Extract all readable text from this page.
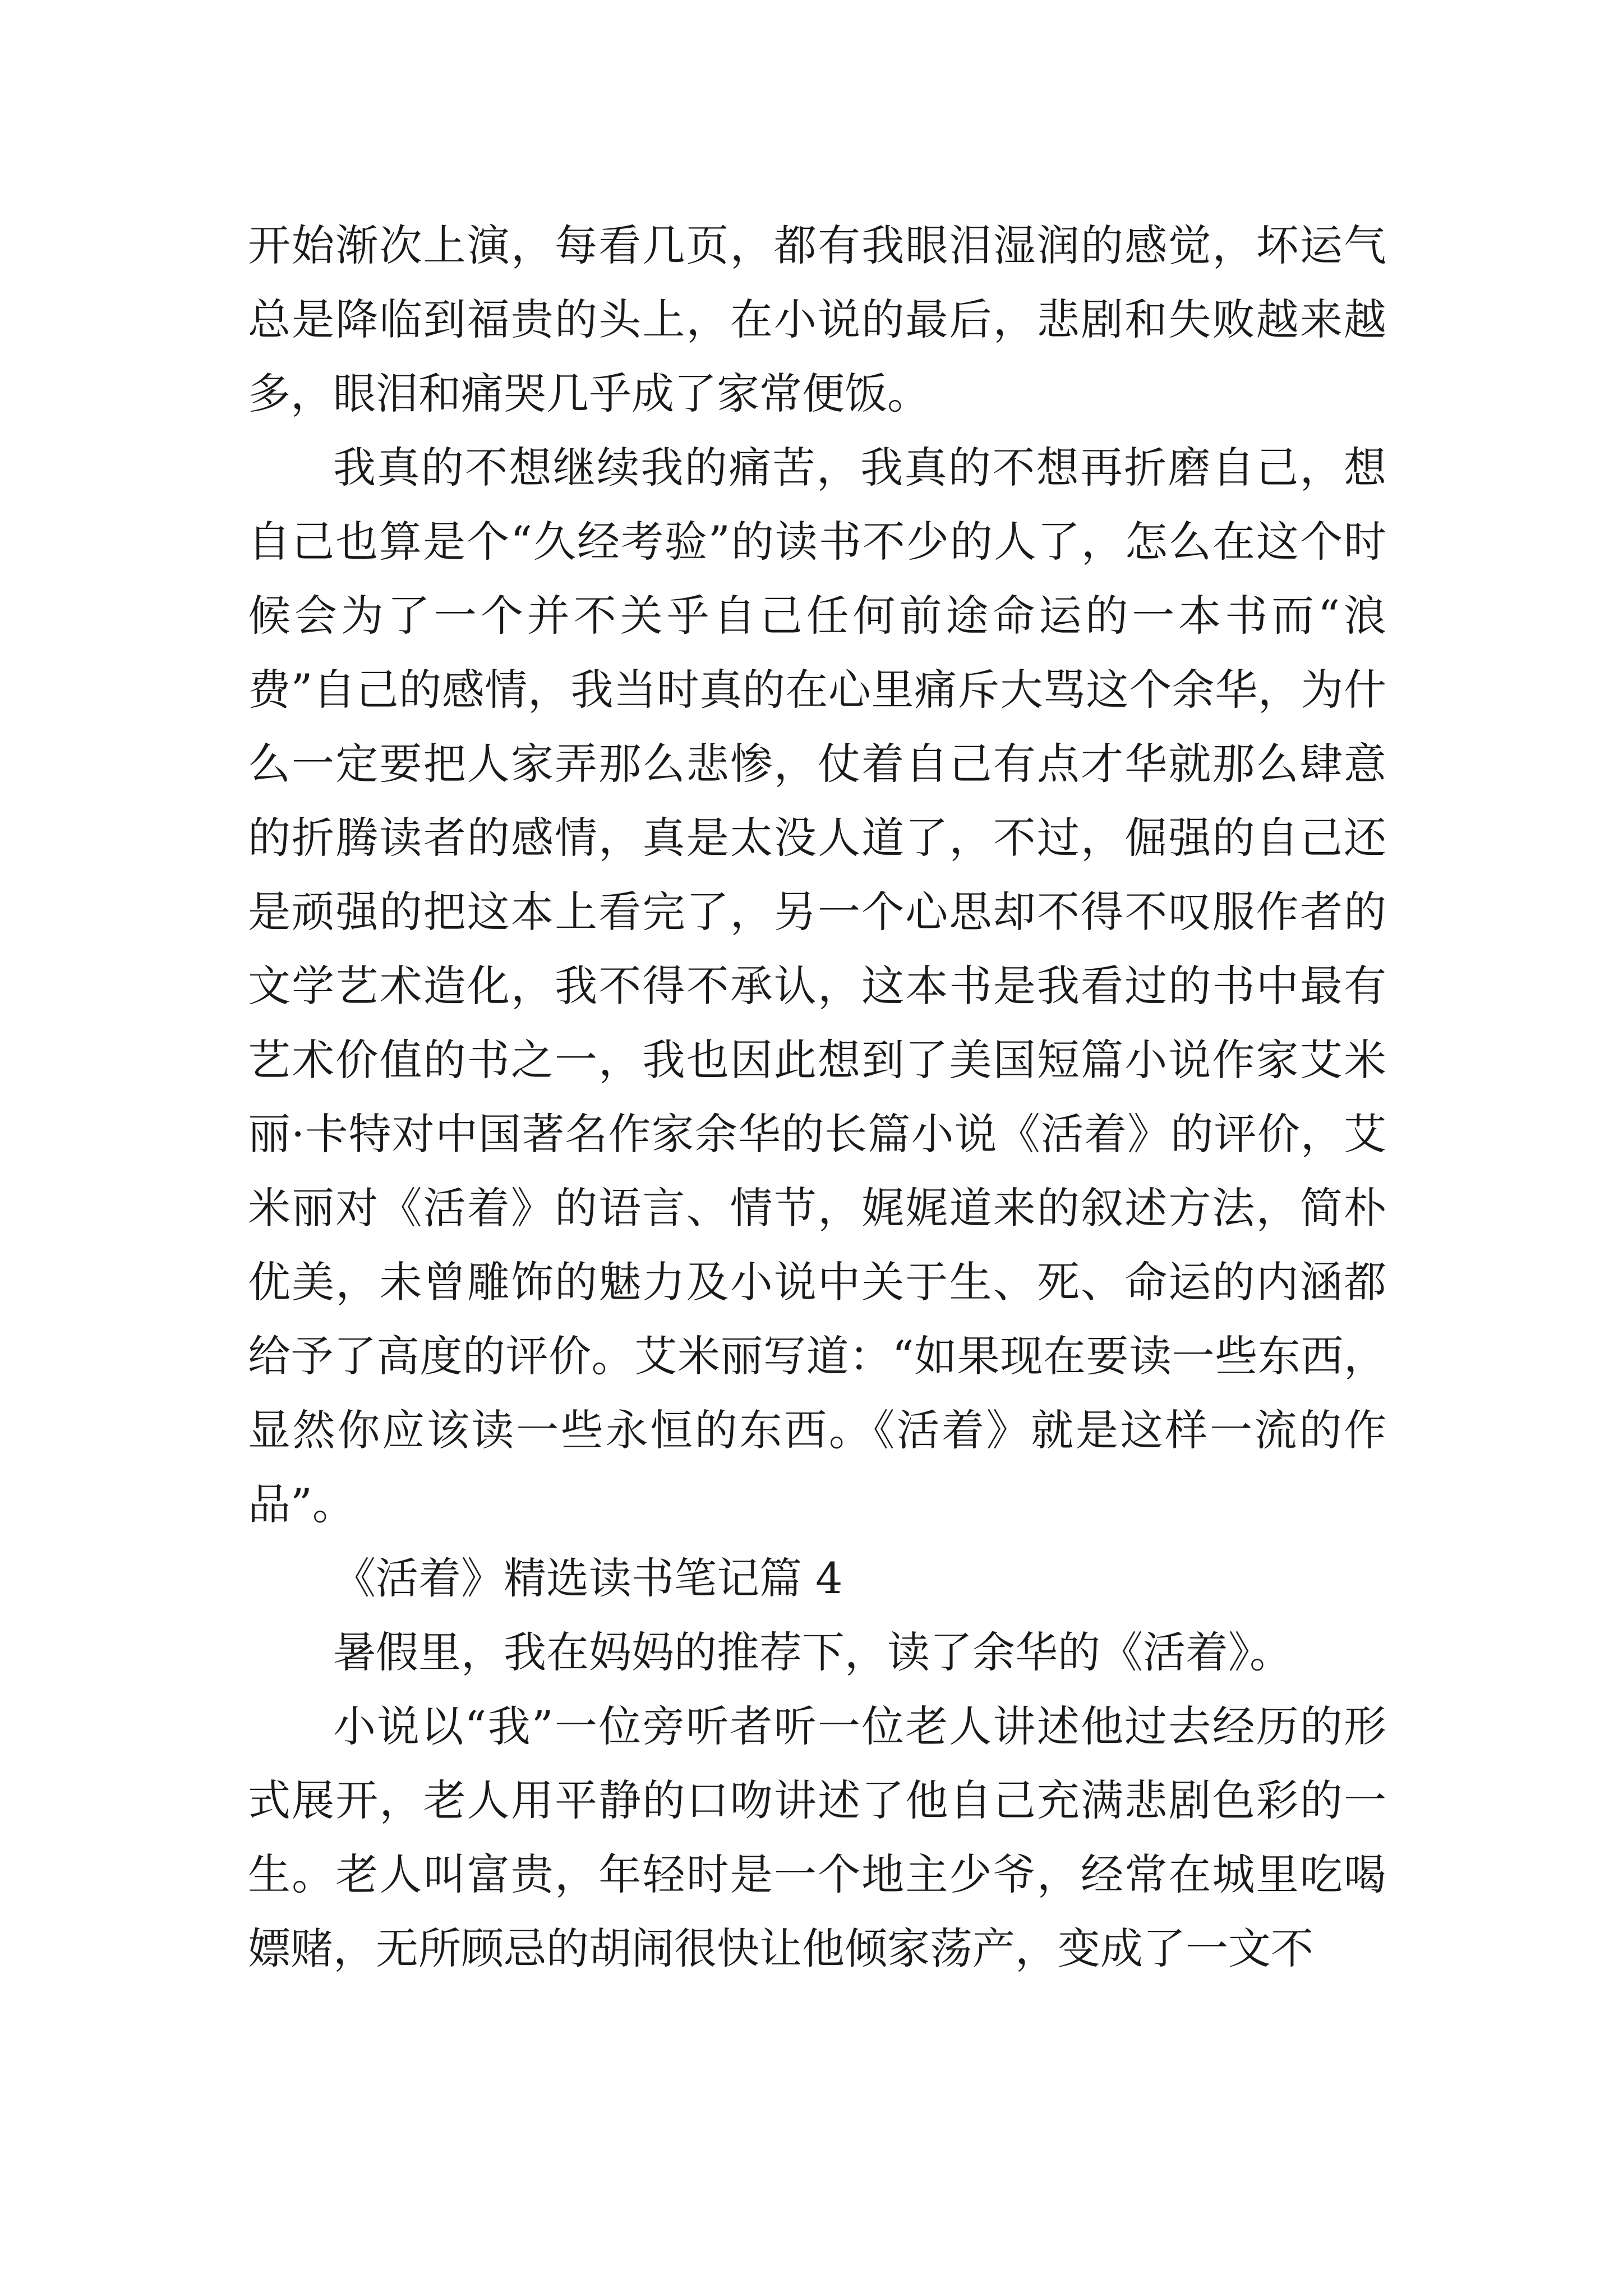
开始渐次上演，每看几页，都有我眼泪湿润的感觉，坏运气总是降临到福贵的头上，在小说的最后，悲剧和失败越来越多，眼泪和痛哭几乎成了家常便饭。

我真的不想继续我的痛苦，我真的不想再折磨自己，想自己也算是个“久经考验”的读书不少的人了，怎么在这个时候会为了一个并不关乎自己任何前途命运的一本书而“浪费”自己的感情，我当时真的在心里痛斥大骂这个余华，为什么一定要把人家弄那么悲惨，仗着自己有点才华就那么肆意的折腾读者的感情，真是太没人道了，不过，倔强的自己还是顽强的把这本上看完了，另一个心思却不得不叹服作者的文学艺术造化，我不得不承认，这本书是我看过的书中最有艺术价值的书之一，我也因此想到了美国短篇小说作家艾米丽·卡特对中国著名作家余华的长篇小说《活着》的评价，艾米丽对《活着》的语言、情节，娓娓道来的叙述方法，简朴优美，未曾雕饰的魅力及小说中关于生、死、命运的内涵都给予了高度的评价。艾米丽写道：“如果现在要读一些东西，显然你应该读一些永恒的东西。《活着》就是这样一流的作品”。

《活着》精选读书笔记篇 4

暑假里，我在妈妈的推荐下，读了余华的《活着》。

小说以“我”一位旁听者听一位老人讲述他过去经历的形式展开，老人用平静的口吻讲述了他自己充满悲剧色彩的一生。老人叫富贵，年轻时是一个地主少爷，经常在城里吃喝嫖赌，无所顾忌的胡闹很快让他倾家荡产，变成了一文不
